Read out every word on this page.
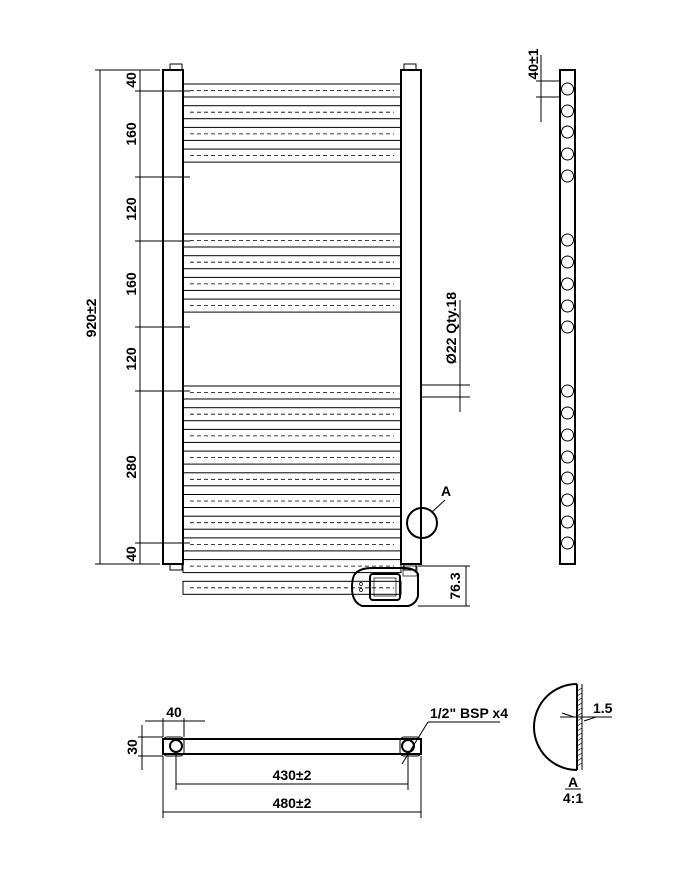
A
920±2
40
160
120
160
120
280
40
Ø22 Qty.18
76.3
40±1
40
30
1/2" BSP x4
430±2
480±2
1.5
A
4:1
